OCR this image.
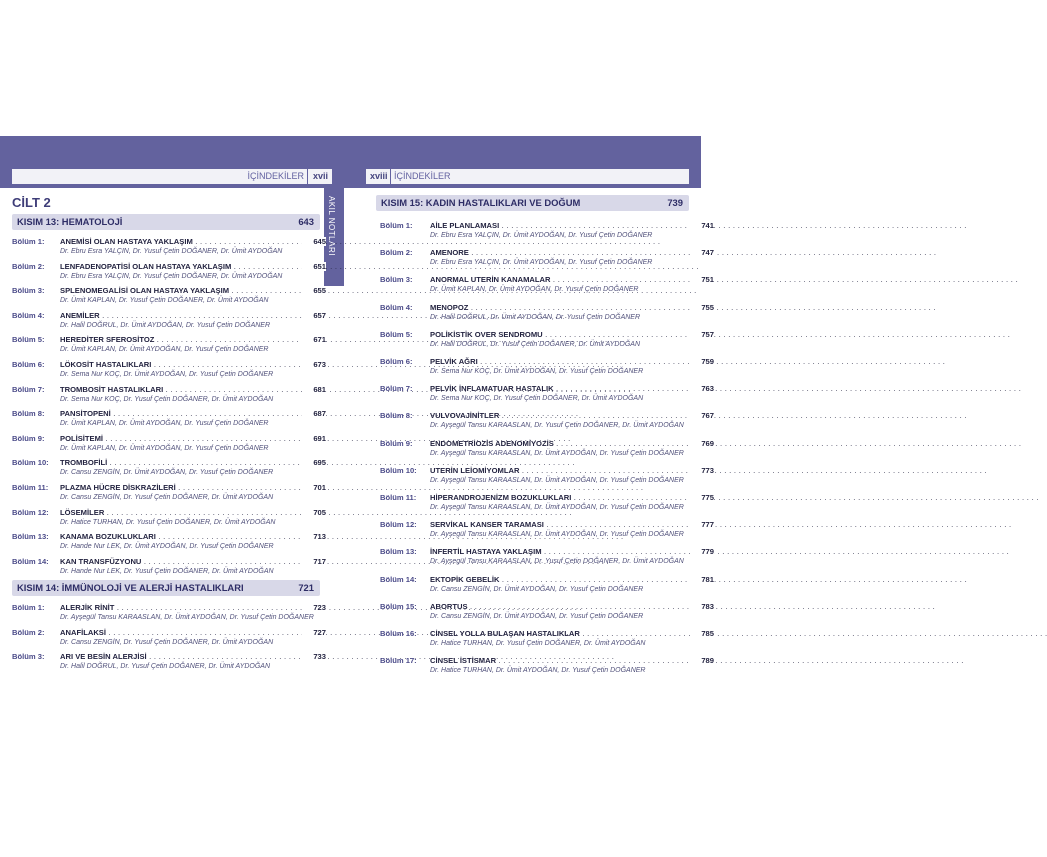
İÇİNDEKİLER xvii	xviii İÇİNDEKİLER
AKIL NOTLARI
CİLT 2
KISIM 13: HEMATOLOJİ	643
Bölüm 1: ANEMİSİ OLAN HASTAYA YAKLAŞIM . . .	645
Dr. Ebru Esra YALÇIN, Dr. Yusuf Çetin DOĞANER, Dr. Ümit AYDOĞAN
Bölüm 2: LENFADENOPATİSİ OLAN HASTAYA YAKLAŞIM . . .	651
Dr. Ebru Esra YALÇIN, Dr. Yusuf Çetin DOĞANER, Dr. Ümit AYDOĞAN
Bölüm 3: SPLENOMEGALİSİ OLAN HASTAYA YAKLAŞIM . . .	655
Dr. Ümit KAPLAN, Dr. Yusuf Çetin DOĞANER, Dr. Ümit AYDOĞAN
Bölüm 4: ANEMİLER . . .	657
Dr. Halil DOĞRUL, Dr. Ümit AYDOĞAN, Dr. Yusuf Çetin DOĞANER
Bölüm 5: HEREDİTER SFEROSİTOZ . . .	671
Dr. Ümit KAPLAN, Dr. Ümit AYDOĞAN, Dr. Yusuf Çetin DOĞANER
Bölüm 6: LÖKOSİT HASTALIKLARI . . .	673
Dr. Sema Nur KOÇ, Dr. Ümit AYDOĞAN, Dr. Yusuf Çetin DOĞANER
Bölüm 7: TROMBOSİT HASTALIKLARI . . .	681
Dr. Sema Nur KOÇ, Dr. Yusuf Çetin DOĞANER, Dr. Ümit AYDOĞAN
Bölüm 8: PANSİTOPENİ . . .	687
Dr. Ümit KAPLAN, Dr. Ümit AYDOĞAN, Dr. Yusuf Çetin DOĞANER
Bölüm 9: POLİSİTEMİ . . .	691
Dr. Ümit KAPLAN, Dr. Ümit AYDOĞAN, Dr. Yusuf Çetin DOĞANER
Bölüm 10: TROMBOFİLİ . . .	695
Dr. Cansu ZENGİN, Dr. Ümit AYDOĞAN, Dr. Yusuf Çetin DOĞANER
Bölüm 11: PLAZMA HÜCRE DİSKRAZİLERİ . . .	701
Dr. Cansu ZENGİN, Dr. Yusuf Çetin DOĞANER, Dr. Ümit AYDOĞAN
Bölüm 12: LÖSEMİLER . . .	705
Dr. Hatice TURHAN, Dr. Yusuf Çetin DOĞANER, Dr. Ümit AYDOĞAN
Bölüm 13: KANAMA BOZUKLUKLARI . . .	713
Dr. Hande Nur LEK, Dr. Ümit AYDOĞAN, Dr. Yusuf Çetin DOĞANER
Bölüm 14: KAN TRANSFÜZYONU . . .	717
Dr. Hande Nur LEK, Dr. Yusuf Çetin DOĞANER, Dr. Ümit AYDOĞAN
KISIM 14: İMMÜNOLOJİ VE ALERJİ HASTALIKLARI	721
Bölüm 1: ALERJİK RİNİT . . .	723
Dr. Ayşegül Tansu KARAASLAN, Dr. Ümit AYDOĞAN, Dr. Yusuf Çetin DOĞANER
Bölüm 2: ANAFİLAKSİ . . .	727
Dr. Cansu ZENGİN, Dr. Yusuf Çetin DOĞANER, Dr. Ümit AYDOĞAN
Bölüm 3: ARI VE BESİN ALERJİSİ . . .	733
Dr. Halil DOĞRUL, Dr. Yusuf Çetin DOĞANER, Dr. Ümit AYDOĞAN
KISIM 15: KADIN HASTALIKLARI VE DOĞUM	739
Bölüm 1: AİLE PLANLAMASI . . .	741
Dr. Ebru Esra YALÇIN, Dr. Ümit AYDOĞAN, Dr. Yusuf Çetin DOĞANER
Bölüm 2: AMENORE . . .	747
Dr. Ebru Esra YALÇIN, Dr. Ümit AYDOĞAN, Dr. Yusuf Çetin DOĞANER
Bölüm 3: ANORMAL UTERİN KANAMALAR . . .	751
Dr. Ümit KAPLAN, Dr. Ümit AYDOĞAN, Dr. Yusuf Çetin DOĞANER
Bölüm 4: MENOPOZ . . .	755
Dr. Halil DOĞRUL, Dr. Ümit AYDOĞAN, Dr. Yusuf Çetin DOĞANER
Bölüm 5: POLİKİSTİK OVER SENDROMU . . .	757
Dr. Halil DOĞRUL, Dr. Yusuf Çetin DOĞANER, Dr. Ümit AYDOĞAN
Bölüm 6: PELVİK AĞRI . . .	759
Dr. Sema Nur KOÇ, Dr. Ümit AYDOĞAN, Dr. Yusuf Çetin DOĞANER
Bölüm 7: PELVİK İNFLAMATUAR HASTALIK . . .	763
Dr. Sema Nur KOÇ, Dr. Yusuf Çetin DOĞANER, Dr. Ümit AYDOĞAN
Bölüm 8: VULVOVAJİNİTLER . . .	767
Dr. Ayşegül Tansu KARAASLAN, Dr. Yusuf Çetin DOĞANER, Dr. Ümit AYDOĞAN
Bölüm 9: ENDOMETRİOZİS ADENOMİYOZİS . . .	769
Dr. Ayşegül Tansu KARAASLAN, Dr. Ümit AYDOĞAN, Dr. Yusuf Çetin DOĞANER
Bölüm 10: UTERİN LEİOMİYOMLAR . . .	773
Dr. Ayşegül Tansu KARAASLAN, Dr. Ümit AYDOĞAN, Dr. Yusuf Çetin DOĞANER
Bölüm 11: HİPERANDROJENİZM BOZUKLUKLARI . . .	775
Dr. Ayşegül Tansu KARAASLAN, Dr. Ümit AYDOĞAN, Dr. Yusuf Çetin DOĞANER
Bölüm 12: SERVİKAL KANSER TARAMASI . . .	777
Dr. Ayşegül Tansu KARAASLAN, Dr. Ümit AYDOĞAN, Dr. Yusuf Çetin DOĞANER
Bölüm 13: İNFERTİL HASTAYA YAKLAŞIM . . .	779
Dr. Ayşegül Tansu KARAASLAN, Dr. Yusuf Çetin DOĞANER, Dr. Ümit AYDOĞAN
Bölüm 14: EKTOPİK GEBELİK . . .	781
Dr. Cansu ZENGİN, Dr. Ümit AYDOĞAN, Dr. Yusuf Çetin DOĞANER
Bölüm 15: ABORTUS . . .	783
Dr. Cansu ZENGİN, Dr. Ümit AYDOĞAN, Dr. Yusuf Çetin DOĞANER
Bölüm 16: CİNSEL YOLLA BULAŞAN HASTALIKLAR . . .	785
Dr. Hatice TURHAN, Dr. Yusuf Çetin DOĞANER, Dr. Ümit AYDOĞAN
Bölüm 17: CİNSEL İSTİSMAR . . .	789
Dr. Hatice TURHAN, Dr. Ümit AYDOĞAN, Dr. Yusuf Çetin DOĞANER
